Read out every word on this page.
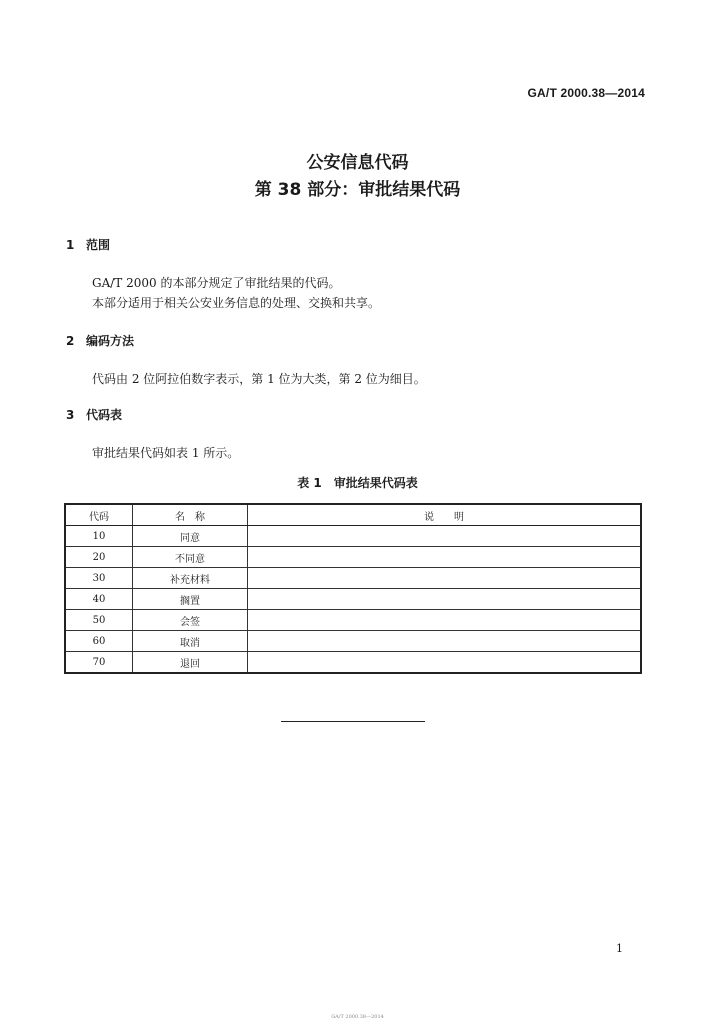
GA/T 2000.38—2014
公安信息代码
第 38 部分：审批结果代码
1 范围
GA/T 2000 的本部分规定了审批结果的代码。
本部分适用于相关公安业务信息的处理、交换和共享。
2 编码方法
代码由 2 位阿拉伯数字表示，第 1 位为大类，第 2 位为细目。
3 代码表
审批结果代码如表 1 所示。
表 1 审批结果代码表
代码	名　称	说　　明
10	同意	
20	不同意	
30	补充材料	
40	搁置	
50	会签	
60	取消	
70	退回	
1
GA/T 2000.38—2014
